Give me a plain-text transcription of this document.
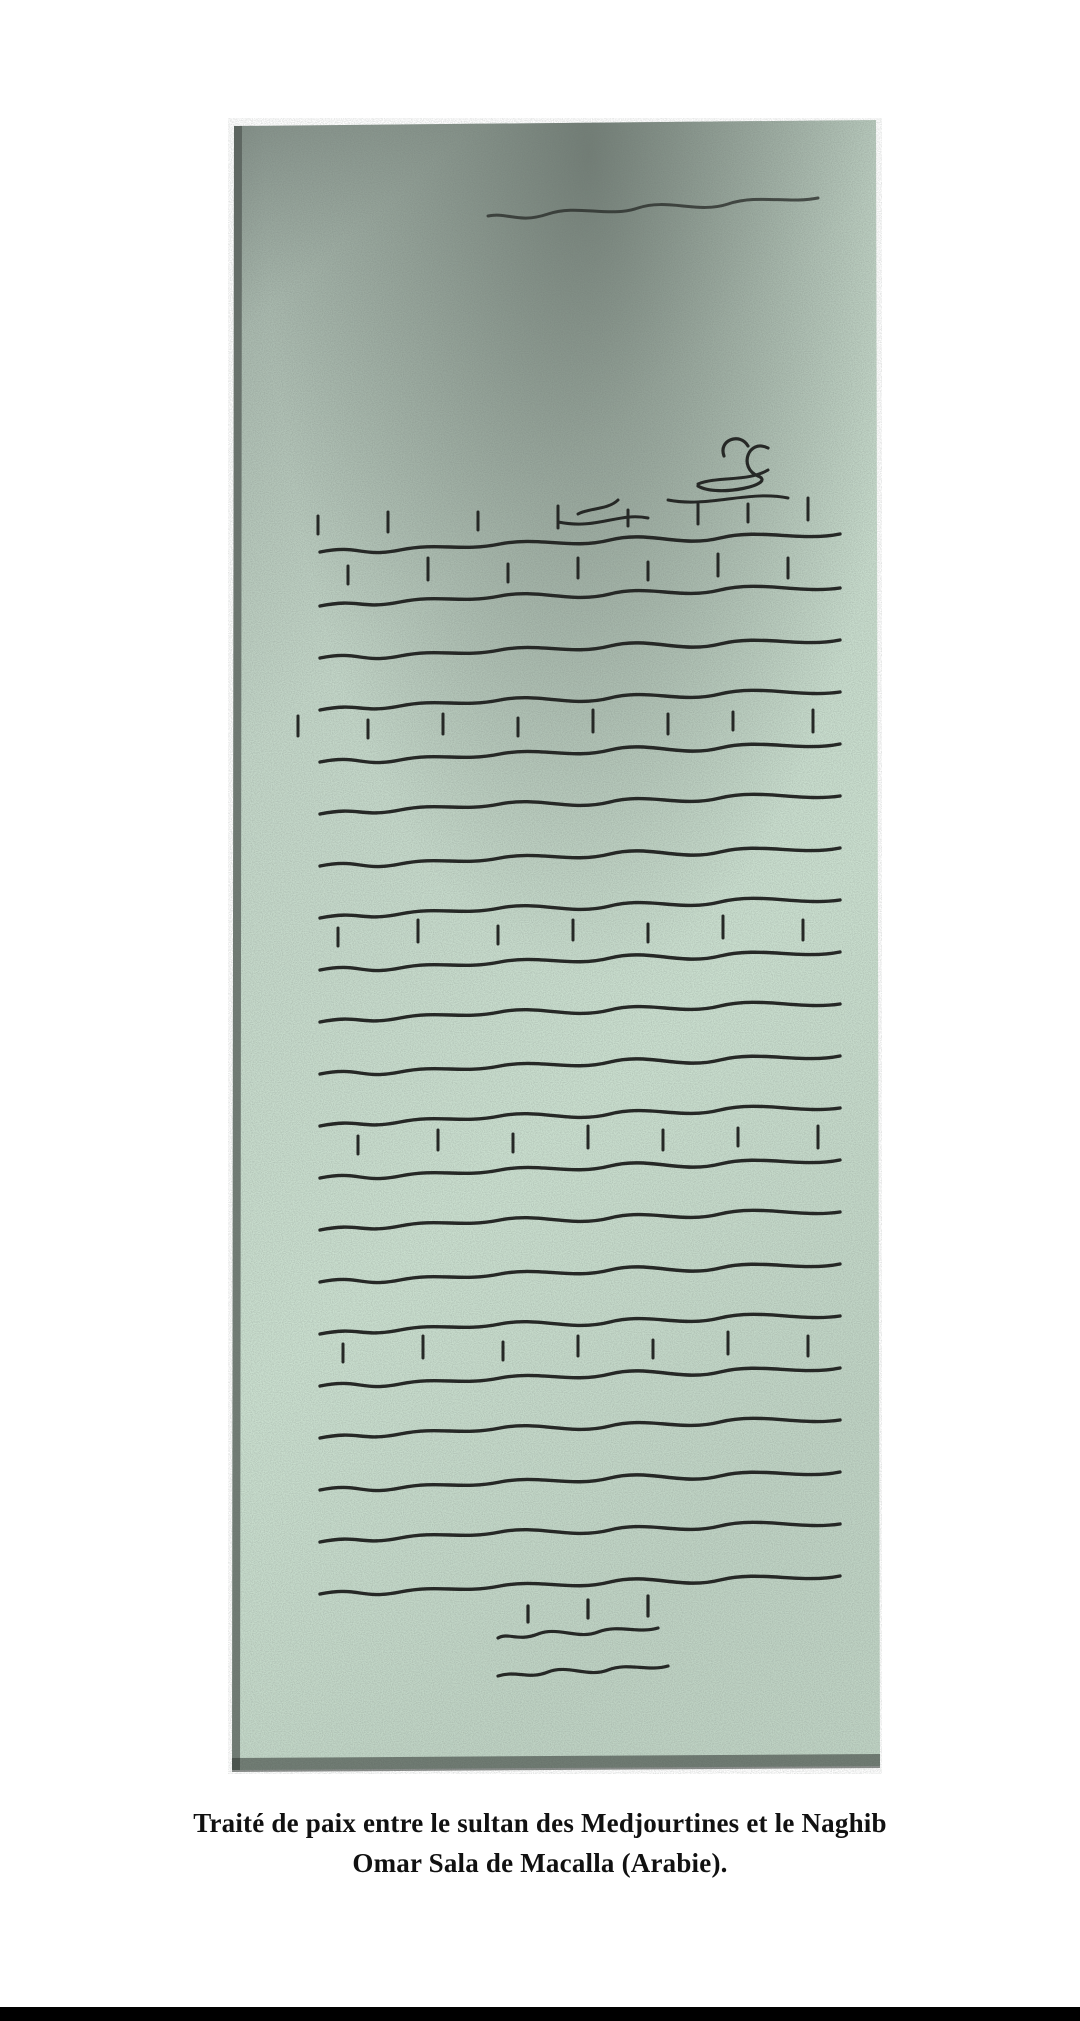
Traité de paix entre le sultan des Medjourtines et le Naghib
Omar Sala de Macalla (Arabie).
